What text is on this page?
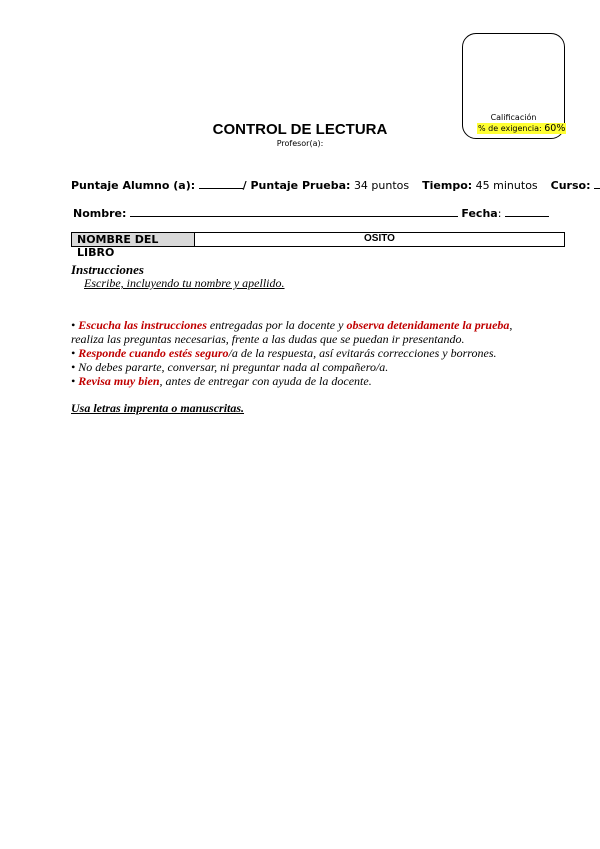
Calificación
% de exigencia: 60%
CONTROL DE LECTURA
Profesor(a):
Puntaje Alumno (a):	/ Puntaje Prueba: 34 puntos Tiempo: 45 minutos Curso:
Nombre:	Fecha:
NOMBRE DEL LIBRO
OSITO
Instrucciones
Escribe, incluyendo tu nombre y apellido.
• Escucha las instrucciones entregadas por la docente y observa detenidamente la prueba, realiza las preguntas necesarias, frente a las dudas que se puedan ir presentando.
• Responde cuando estés seguro/a de la respuesta, así evitarás correcciones y borrones.
• No debes pararte, conversar, ni preguntar nada al compañero/a.
• Revisa muy bien, antes de entregar con ayuda de la docente.
Usa letras imprenta o manuscritas.
